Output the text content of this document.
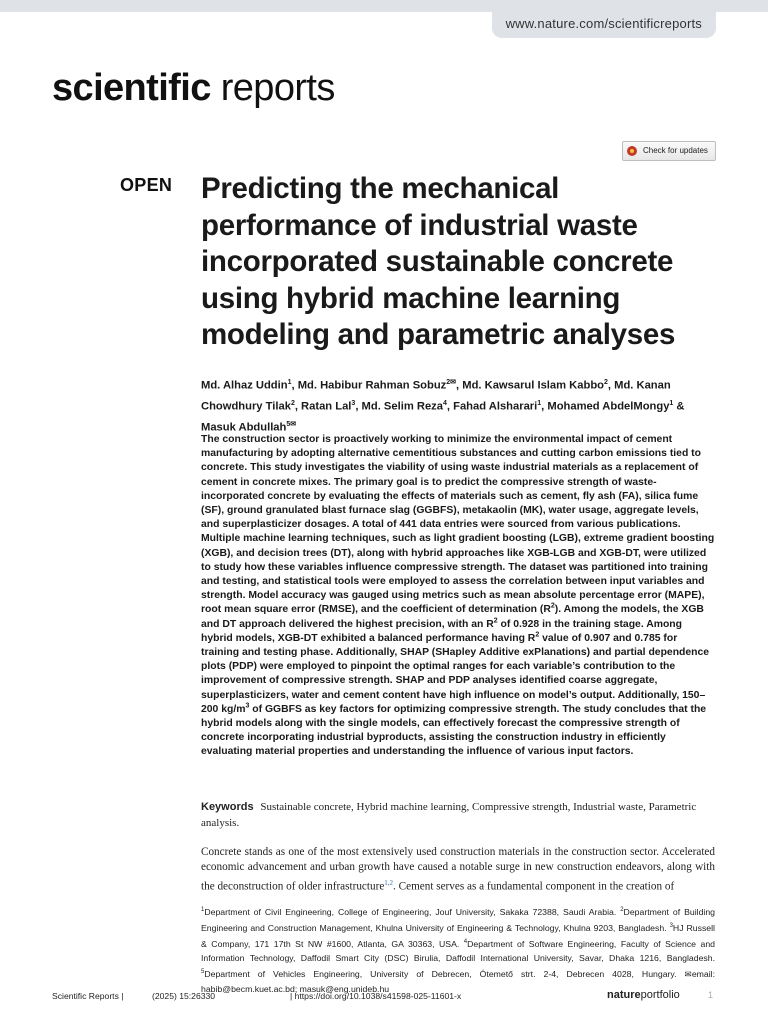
www.nature.com/scientificreports
scientific reports
Check for updates
OPEN Predicting the mechanical performance of industrial waste incorporated sustainable concrete using hybrid machine learning modeling and parametric analyses

Md. Alhaz Uddin$^1$, Md. Habibur Rahman Sobuz$^{2✉}$, Md. Kawsarul Islam Kabbo$^2$, Md. Kanan Chowdhury Tilak$^2$, Ratan Lal$^3$, Md. Selim Reza$^4$, Fahad Alsharari$^1$, Mohamed AbdelMongy$^1$ & Masuk Abdullah$^{5✉}$

The construction sector is proactively working to minimize the environmental impact of cement manufacturing by adopting alternative cementitious substances and cutting carbon emissions tied to concrete. This study investigates the viability of using waste industrial materials as a replacement of cement in concrete mixes. The primary goal is to predict the compressive strength of waste-incorporated concrete by evaluating the effects of materials such as cement, fly ash (FA), silica fume (SF), ground granulated blast furnace slag (GGBFS), metakaolin (MK), water usage, aggregate levels, and superplasticizer dosages. A total of 441 data entries were sourced from various publications. Multiple machine learning techniques, such as light gradient boosting (LGB), extreme gradient boosting (XGB), and decision trees (DT), along with hybrid approaches like XGB-LGB and XGB-DT, were utilized to study how these variables influence compressive strength. The dataset was partitioned into training and testing, and statistical tools were employed to assess the correlation between input variables and strength. Model accuracy was gauged using metrics such as mean absolute percentage error (MAPE), root mean square error (RMSE), and the coefficient of determination $(R^2)$. Among the models, the XGB and DT approach delivered the highest precision, with an $R^2$ of 0.928 in the training stage. Among hybrid models, XGB-DT exhibited a balanced performance having $R^2$ value of 0.907 and 0.785 for training and testing phase. Additionally, SHAP (SHapley Additive exPlanations) and partial dependence plots (PDP) were employed to pinpoint the optimal ranges for each variable’s contribution to the improvement of compressive strength. SHAP and PDP analyses identified coarse aggregate, superplasticizers, water and cement content have high influence on model’s output. Additionally, 150–200 $kg/m^3$ of GGBFS as key factors for optimizing compressive strength. The study concludes that the hybrid models along with the single models, can effectively forecast the compressive strength of concrete incorporating industrial byproducts, assisting the construction industry in efficiently evaluating material properties and understanding the influence of various input factors.

Keywords Sustainable concrete, Hybrid machine learning, Compressive strength, Industrial waste, Parametric analysis.

Concrete stands as one of the most extensively used construction materials in the construction sector. Accelerated economic advancement and urban growth have caused a notable surge in new construction endeavors, along with the deconstruction of older infrastructure$^{1,2}$. Cement serves as a fundamental component in the creation of

$^1$Department of Civil Engineering, College of Engineering, Jouf University, Sakaka 72388, Saudi Arabia. $^2$Department of Building Engineering and Construction Management, Khulna University of Engineering & Technology, Khulna 9203, Bangladesh. $^3$HJ Russell & Company, 171 17th St NW #1600, Atlanta, GA 30363, USA. $^4$Department of Software Engineering, Faculty of Science and Information Technology, Daffodil Smart City (DSC) Birulia, Daffodil International University, Savar, Dhaka 1216, Bangladesh. $^5$Department of Vehicles Engineering, University of Debrecen, Ótemető strt. 2-4, Debrecen 4028, Hungary. ✉email: habib@becm.kuet.ac.bd; masuk@eng.unideb.hu

Scientific Reports |	(2025) 15:26330	| https://doi.org/10.1038/s41598-025-11601-x	natureportfolio	1
